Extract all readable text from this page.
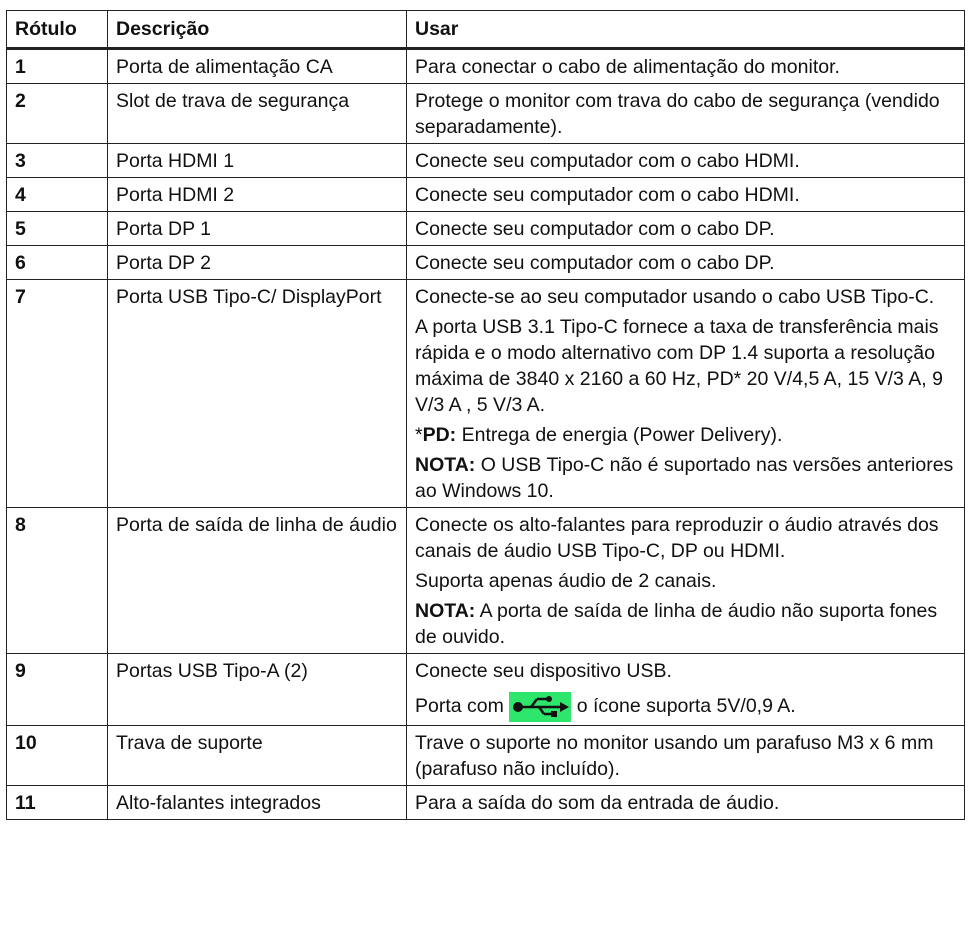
Rótulo	Descrição	Usar
1	Porta de alimentação CA	Para conectar o cabo de alimentação do monitor.

2	Slot de trava de segurança	Protege o monitor com trava do cabo de segurança (vendido separadamente).

3	Porta HDMI 1	Conecte seu computador com o cabo HDMI.

4	Porta HDMI 2	Conecte seu computador com o cabo HDMI.

5	Porta DP 1	Conecte seu computador com o cabo DP.

6	Porta DP 2	Conecte seu computador com o cabo DP.

7	Porta USB Tipo-C/ DisplayPort	Conecte-se ao seu computador usando o cabo USB Tipo-C.
A porta USB 3.1 Tipo-C fornece a taxa de transferência mais rápida e o modo alternativo com DP 1.4 suporta a resolução máxima de 3840 x 2160 a 60 Hz, PD* 20 V/4,5 A, 15 V/3 A, 9 V/3 A , 5 V/3 A.
*PD: Entrega de energia (Power Delivery).
NOTA: O USB Tipo-C não é suportado nas versões anteriores ao Windows 10.

8	Porta de saída de linha de áudio	Conecte os alto-falantes para reproduzir o áudio através dos canais de áudio USB Tipo-C, DP ou HDMI.
Suporta apenas áudio de 2 canais.
NOTA: A porta de saída de linha de áudio não suporta fones de ouvido.

9	Portas USB Tipo-A (2)	Conecte seu dispositivo USB.
Porta com o ícone suporta 5V/0,9 A.

10	Trava de suporte	Trave o suporte no monitor usando um parafuso M3 x 6 mm (parafuso não incluído).

11	Alto-falantes integrados	Para a saída do som da entrada de áudio.
